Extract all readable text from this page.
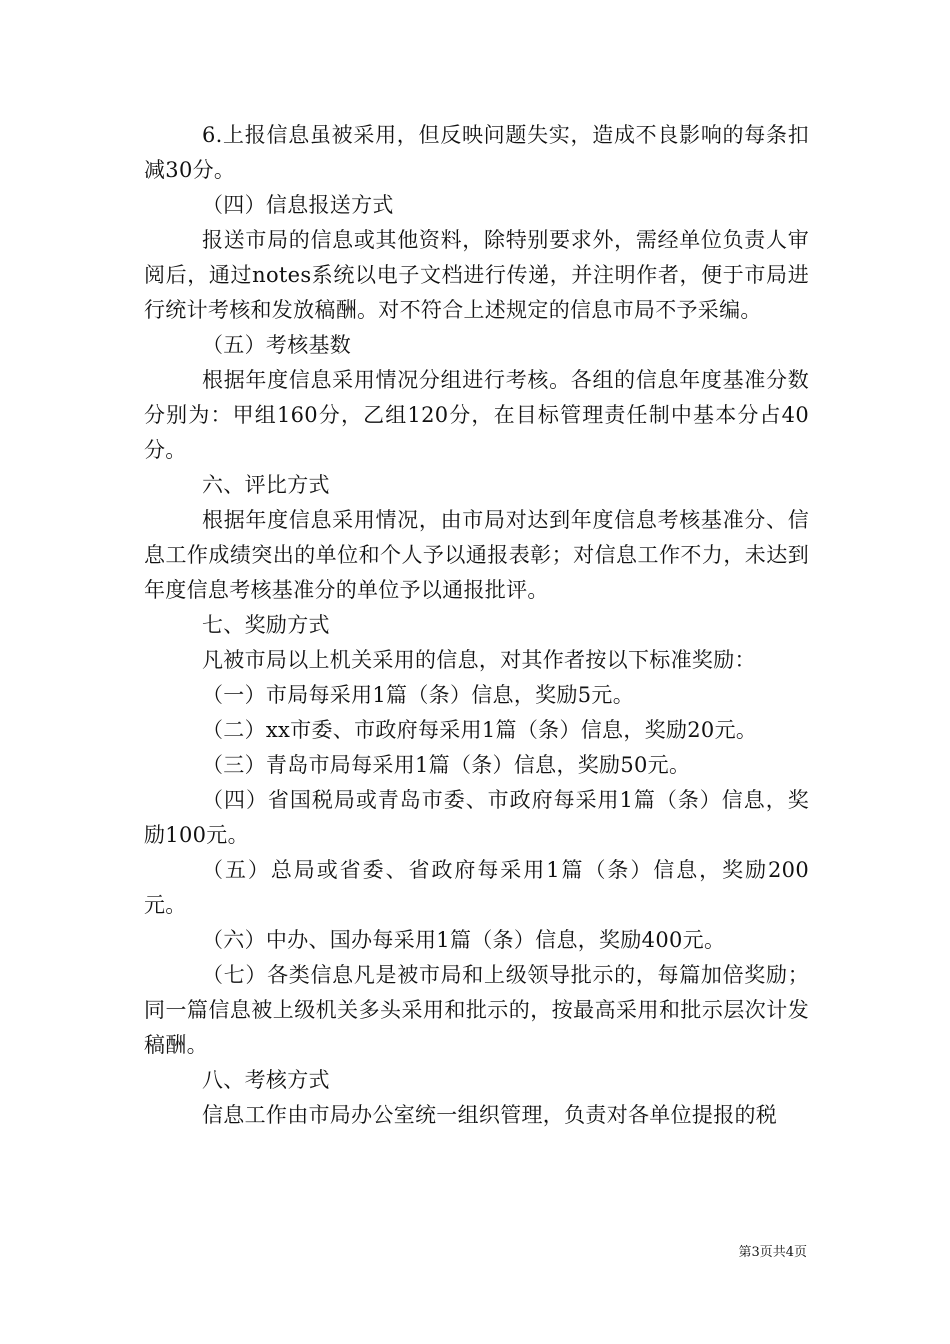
6.上报信息虽被采用，但反映问题失实，造成不良影响的每条扣减30分。

（四）信息报送方式

报送市局的信息或其他资料，除特别要求外，需经单位负责人审阅后，通过notes系统以电子文档进行传递，并注明作者，便于市局进行统计考核和发放稿酬。对不符合上述规定的信息市局不予采编。

（五）考核基数

根据年度信息采用情况分组进行考核。各组的信息年度基准分数分别为：甲组160分，乙组120分，在目标管理责任制中基本分占40分。

六、评比方式

根据年度信息采用情况，由市局对达到年度信息考核基准分、信息工作成绩突出的单位和个人予以通报表彰；对信息工作不力，未达到年度信息考核基准分的单位予以通报批评。

七、奖励方式

凡被市局以上机关采用的信息，对其作者按以下标准奖励：

（一）市局每采用1篇（条）信息，奖励5元。

（二）xx市委、市政府每采用1篇（条）信息，奖励20元。

（三）青岛市局每采用1篇（条）信息，奖励50元。

（四）省国税局或青岛市委、市政府每采用1篇（条）信息，奖励100元。

（五）总局或省委、省政府每采用1篇（条）信息，奖励200元。

（六）中办、国办每采用1篇（条）信息，奖励400元。

（七）各类信息凡是被市局和上级领导批示的，每篇加倍奖励；同一篇信息被上级机关多头采用和批示的，按最高采用和批示层次计发稿酬。

八、考核方式

信息工作由市局办公室统一组织管理，负责对各单位提报的税

第3页共4页
